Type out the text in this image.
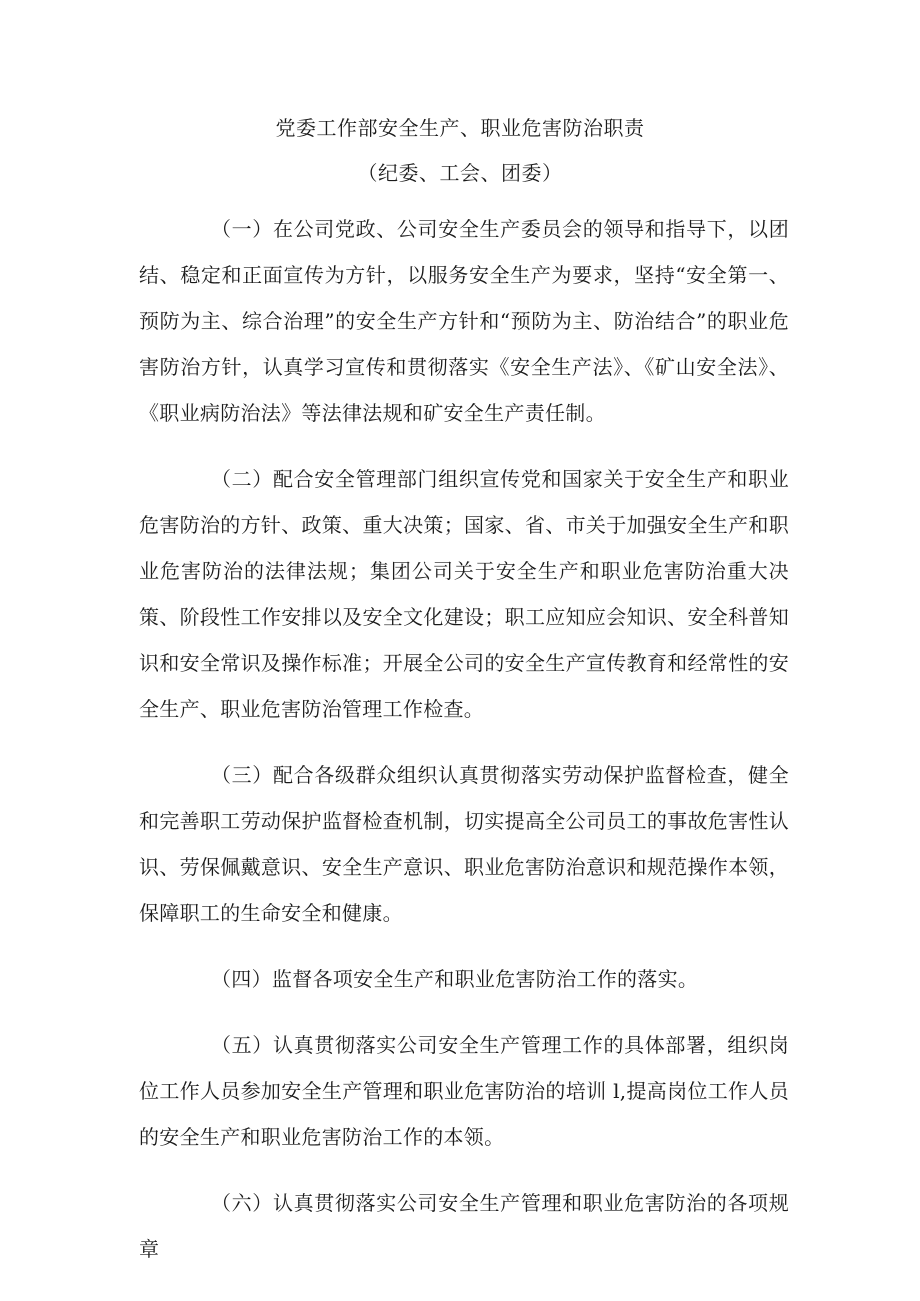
党委工作部安全生产、职业危害防治职责
（纪委、工会、团委）

（一）在公司党政、公司安全生产委员会的领导和指导下，以团结、稳定和正面宣传为方针，以服务安全生产为要求，坚持“安全第一、预防为主、综合治理”的安全生产方针和“预防为主、防治结合”的职业危害防治方针，认真学习宣传和贯彻落实《安全生产法》、《矿山安全法》、《职业病防治法》等法律法规和矿安全生产责任制。

（二）配合安全管理部门组织宣传党和国家关于安全生产和职业危害防治的方针、政策、重大决策；国家、省、市关于加强安全生产和职业危害防治的法律法规；集团公司关于安全生产和职业危害防治重大决策、阶段性工作安排以及安全文化建设；职工应知应会知识、安全科普知识和安全常识及操作标准；开展全公司的安全生产宣传教育和经常性的安全生产、职业危害防治管理工作检查。

（三）配合各级群众组织认真贯彻落实劳动保护监督检查，健全和完善职工劳动保护监督检查机制，切实提高全公司员工的事故危害性认识、劳保佩戴意识、安全生产意识、职业危害防治意识和规范操作本领，保障职工的生命安全和健康。

（四）监督各项安全生产和职业危害防治工作的落实。

（五）认真贯彻落实公司安全生产管理工作的具体部署，组织岗位工作人员参加安全生产管理和职业危害防治的培训 l,提高岗位工作人员的安全生产和职业危害防治工作的本领。

（六）认真贯彻落实公司安全生产管理和职业危害防治的各项规章
